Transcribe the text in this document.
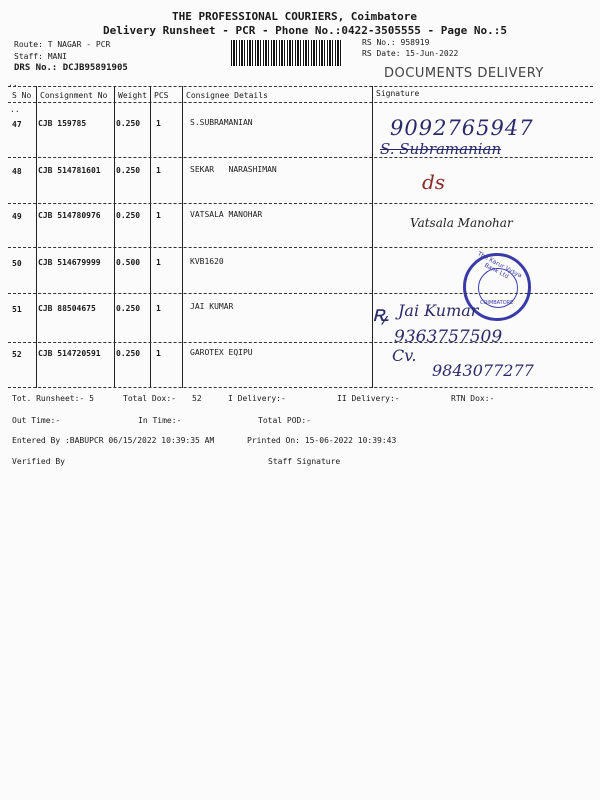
THE PROFESSIONAL COURIERS, Coimbatore
Delivery Runsheet - PCR - Phone No.:0422-3505555 - Page No.:5
Route: T NAGAR - PCR
Staff: MANI
DRS No.: DCJB95891905
RS No.: 958919
RS Date: 15-Jun-2022
DOCUMENTS DELIVERY
..
S No Consignment No Weight PCS Consignee Details	Signature
..
47 CJB 159785	0.250 1	S.SUBRAMANIAN	9092765947
S. Subramanian
48 CJB 514781601 0.250 1	SEKAR   NARASHIMAN
ds
49 CJB 514780976 0.250 1	VATSALA MANOHAR
Vatsala Manohar
50 CJB 514679999 0.500 1	KVB1620	The Karur Vysya Bank Ltd
COIMBATORE
51 CJB 88504675	0.250 1	JAI KUMAR	Jai Kumar
9363757509
ꝶ
52 CJB 514720591 0.250 1	GAROTEX EQIPU	Cv.
9843077277
Tot. Runsheet:- 5	Total Dox:- 52	I Delivery:-	II Delivery:-	RTN Dox:-
Out Time:-	In Time:-	Total POD:-
Entered By :BABUPCR 06/15/2022 10:39:35 AM	Printed On: 15-06-2022 10:39:43
Verified By	Staff Signature
